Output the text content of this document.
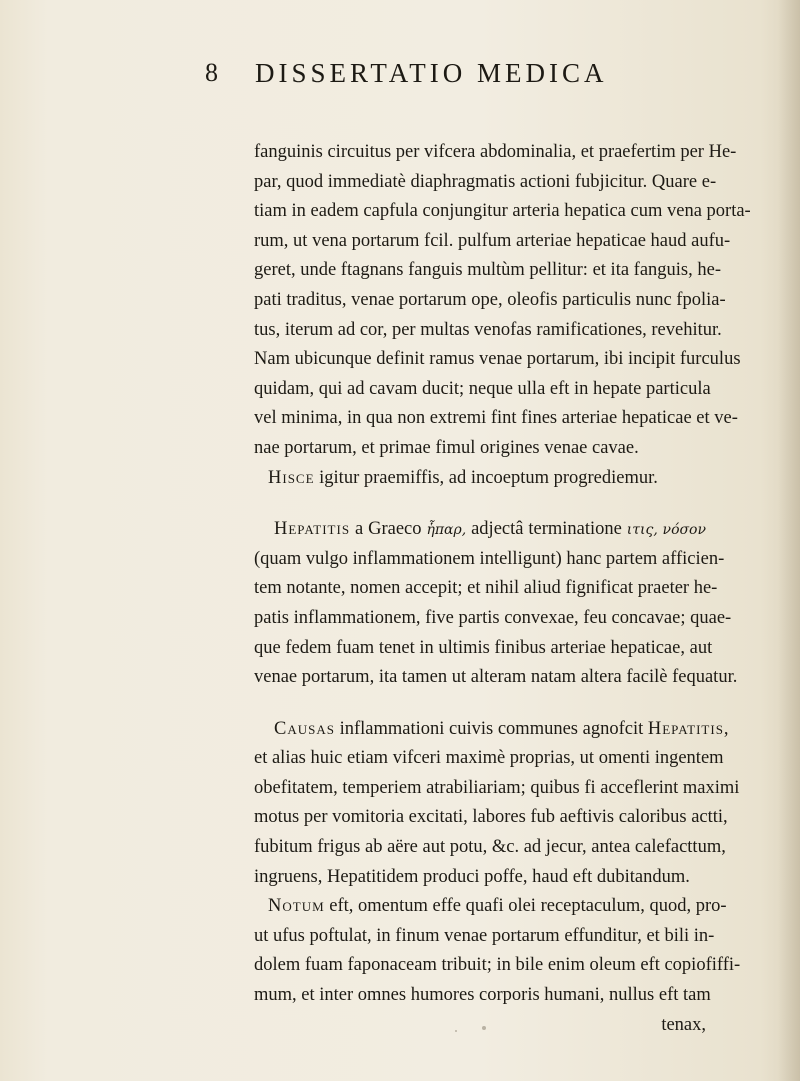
8 DISSERTATIO MEDICA
fanguinis circuitus per vifcera abdominalia, et praefertim per He-
par, quod immediatè diaphragmatis actioni fubjicitur. Quare e-
tiam in eadem capfula conjungitur arteria hepatica cum vena porta-
rum, ut vena portarum fcil. pulfum arteriae hepaticae haud aufu-
geret, unde ftagnans fanguis multùm pellitur: et ita fanguis, he-
pati traditus, venae portarum ope, oleofis particulis nunc fpolia-
tus, iterum ad cor, per multas venofas ramificationes, revehitur.
Nam ubicunque definit ramus venae portarum, ibi incipit furculus
quidam, qui ad cavam ducit; neque ulla eft in hepate particula
vel minima, in qua non extremi fint fines arteriae hepaticae et ve-
nae portarum, et primae fimul origines venae cavae.
Hisce igitur praemiffis, ad incoeptum progrediemur.
Hepatitis a Graeco ἧπαρ, adjectâ terminatione ιτις, νόσον
(quam vulgo inflammationem intelligunt) hanc partem afficien-
tem notante, nomen accepit; et nihil aliud fignificat praeter he-
patis inflammationem, five partis convexae, feu concavae; quae-
que fedem fuam tenet in ultimis finibus arteriae hepaticae, aut
venae portarum, ita tamen ut alteram natam altera facilè fequatur.
Causas inflammationi cuivis communes agnofcit Hepatitis,
et alias huic etiam vifceri maximè proprias, ut omenti ingentem
obefitatem, temperiem atrabiliariam; quibus fi acceflerint maximi
motus per vomitoria excitati, labores fub aeftivis caloribus actti,
fubitum frigus ab aëre aut potu, &c. ad jecur, antea calefacttum,
ingruens, Hepatitidem produci poffe, haud eft dubitandum.
Notum eft, omentum effe quafi olei receptaculum, quod, pro-
ut ufus poftulat, in finum venae portarum effunditur, et bili in-
dolem fuam faponaceam tribuit; in bile enim oleum eft copiofiffi-
mum, et inter omnes humores corporis humani, nullus eft tam
tenax,
